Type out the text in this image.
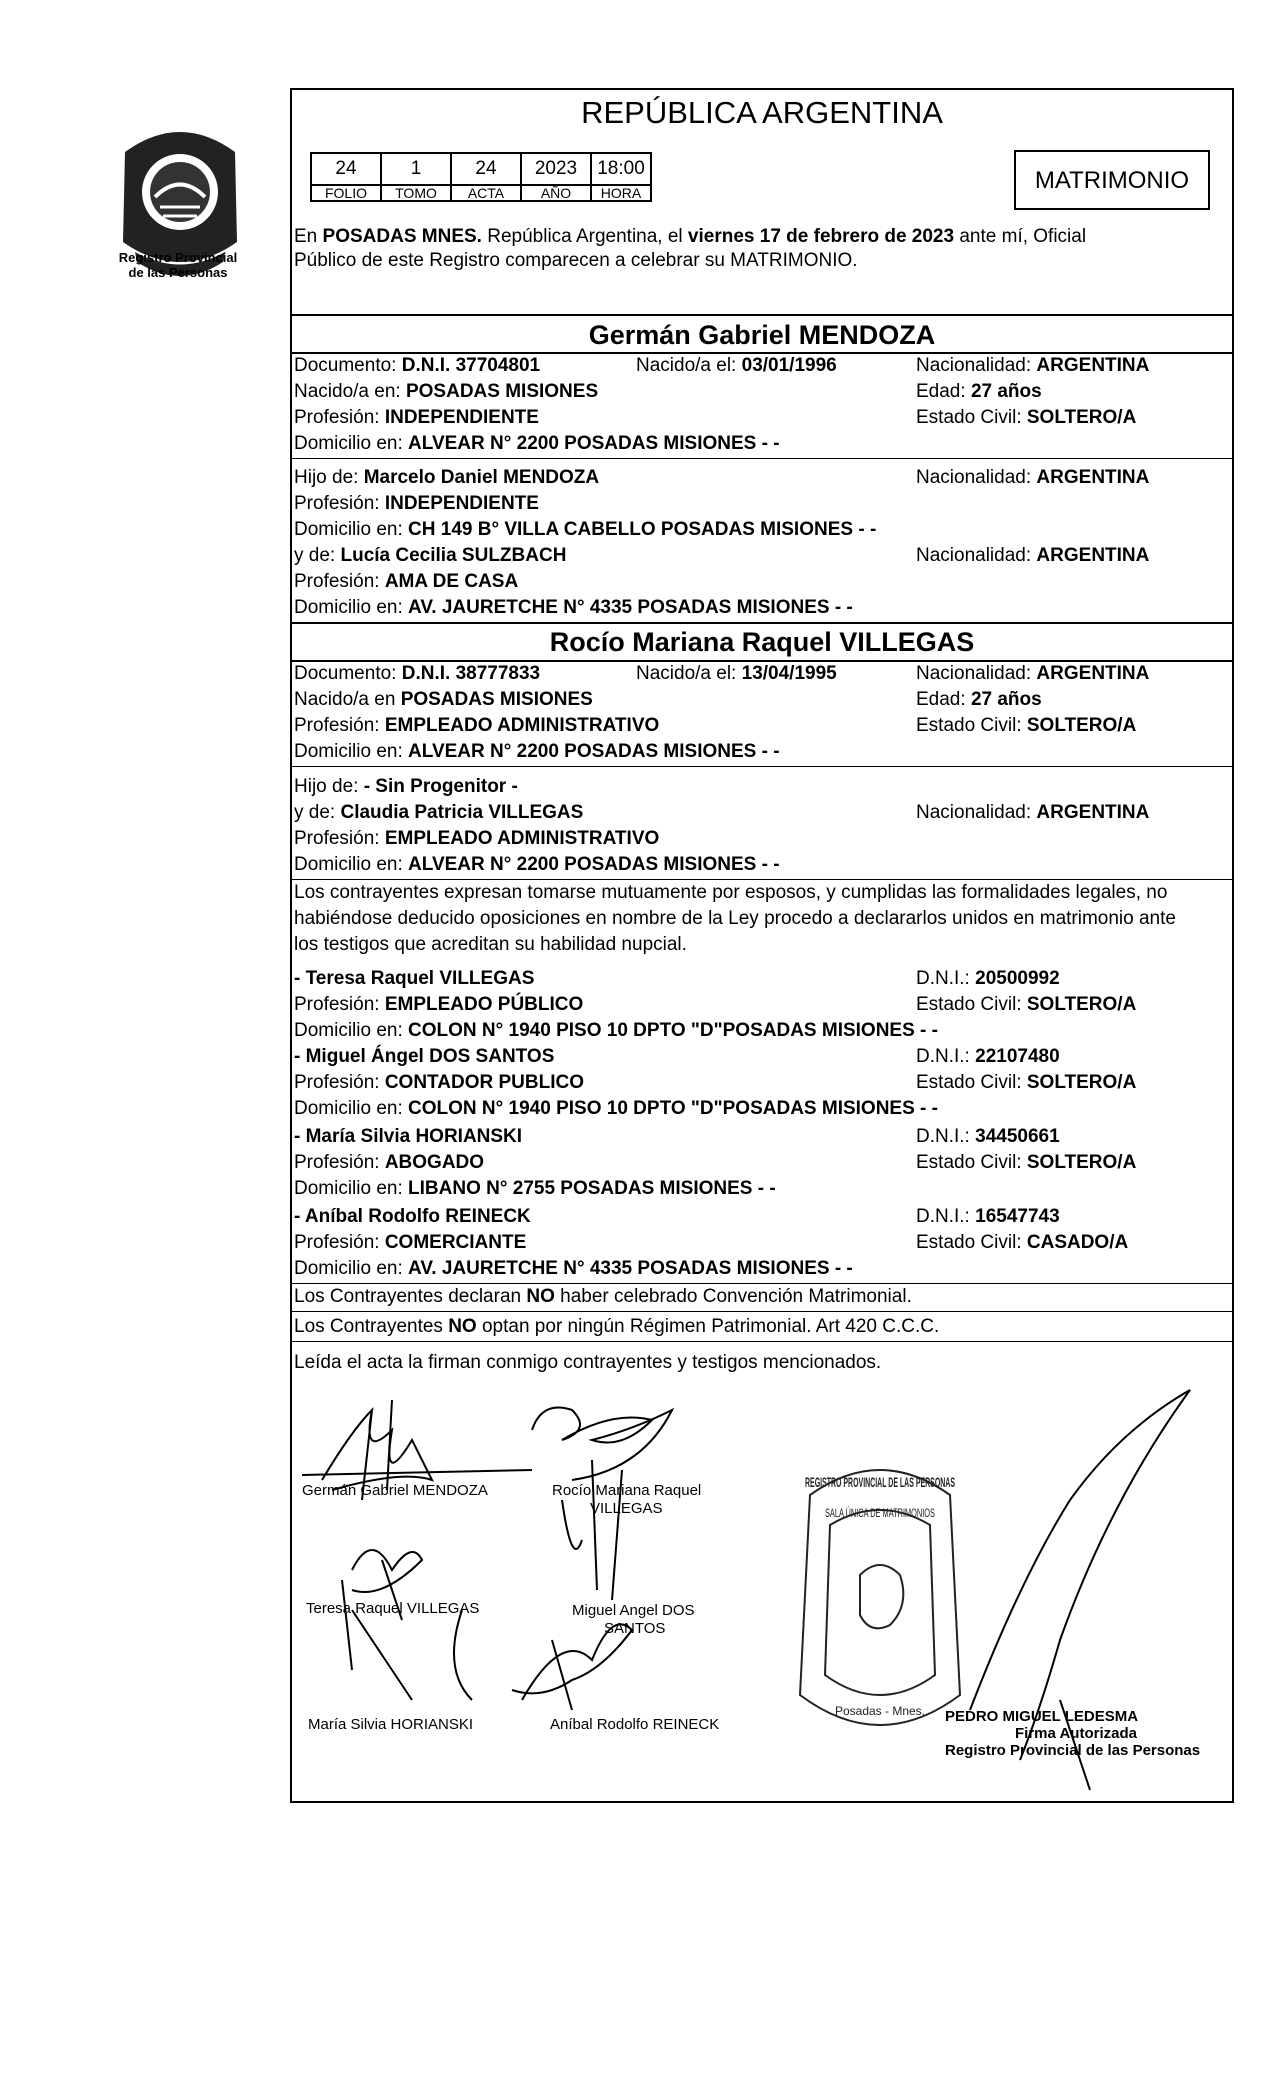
Registro Provincial
de las Personas
REPÚBLICA ARGENTINA
24	1	24	2023	18:00
FOLIO	TOMO	ACTA	AÑO	HORA	MATRIMONIO
En POSADAS MNES. República Argentina, el viernes 17 de febrero de 2023 ante mí, Oficial
Público de este Registro comparecen a celebrar su MATRIMONIO.
Germán Gabriel MENDOZA
Documento: D.N.I. 37704801	Nacido/a el: 03/01/1996	Nacionalidad: ARGENTINA
Nacido/a en: POSADAS MISIONES	Edad: 27 años
Profesión: INDEPENDIENTE	Estado Civil: SOLTERO/A
Domicilio en: ALVEAR N° 2200 POSADAS MISIONES - -
Hijo de: Marcelo Daniel MENDOZA	Nacionalidad: ARGENTINA
Profesión: INDEPENDIENTE
Domicilio en: CH 149 B° VILLA CABELLO POSADAS MISIONES - -
y de: Lucía Cecilia SULZBACH	Nacionalidad: ARGENTINA
Profesión: AMA DE CASA
Domicilio en: AV. JAURETCHE N° 4335 POSADAS MISIONES - -
Rocío Mariana Raquel VILLEGAS
Documento: D.N.I. 38777833	Nacido/a el: 13/04/1995	Nacionalidad: ARGENTINA
Nacido/a en POSADAS MISIONES	Edad: 27 años
Profesión: EMPLEADO ADMINISTRATIVO	Estado Civil: SOLTERO/A
Domicilio en: ALVEAR N° 2200 POSADAS MISIONES - -
Hijo de: - Sin Progenitor -
y de: Claudia Patricia VILLEGAS	Nacionalidad: ARGENTINA
Profesión: EMPLEADO ADMINISTRATIVO
Domicilio en: ALVEAR N° 2200 POSADAS MISIONES - -
Los contrayentes expresan tomarse mutuamente por esposos, y cumplidas las formalidades legales, no
habiéndose deducido oposiciones en nombre de la Ley procedo a declararlos unidos en matrimonio ante
los testigos que acreditan su habilidad nupcial.
- Teresa Raquel VILLEGAS	D.N.I.: 20500992
Profesión: EMPLEADO PÚBLICO	Estado Civil: SOLTERO/A
Domicilio en: COLON N° 1940 PISO 10 DPTO "D"POSADAS MISIONES - -
- Miguel Ángel DOS SANTOS	D.N.I.: 22107480
Profesión: CONTADOR PUBLICO	Estado Civil: SOLTERO/A
Domicilio en: COLON N° 1940 PISO 10 DPTO "D"POSADAS MISIONES - -
- María Silvia HORIANSKI	D.N.I.: 34450661
Profesión: ABOGADO	Estado Civil: SOLTERO/A
Domicilio en: LIBANO N° 2755 POSADAS MISIONES - -
- Aníbal Rodolfo REINECK	D.N.I.: 16547743
Profesión: COMERCIANTE	Estado Civil: CASADO/A
Domicilio en: AV. JAURETCHE N° 4335 POSADAS MISIONES - -
Los Contrayentes declaran NO haber celebrado Convención Matrimonial.
Los Contrayentes NO optan por ningún Régimen Patrimonial. Art 420 C.C.C.
Leída el acta la firman conmigo contrayentes y testigos mencionados.
Germán Gabriel MENDOZA	Rocío Mariana Raquel
VILLEGAS
Teresa Raquel VILLEGAS	Miguel Angel DOS
SANTOS
María Silvia HORIANSKI	Aníbal Rodolfo REINECK
REGISTRO PROVINCIAL DE LAS PERSONAS
SALA ÚNICA DE MATRIMONIOS
Posadas - Mnes. PEDRO MIGUEL LEDESMA
Firma Autorizada
Registro Provincial de las Personas
